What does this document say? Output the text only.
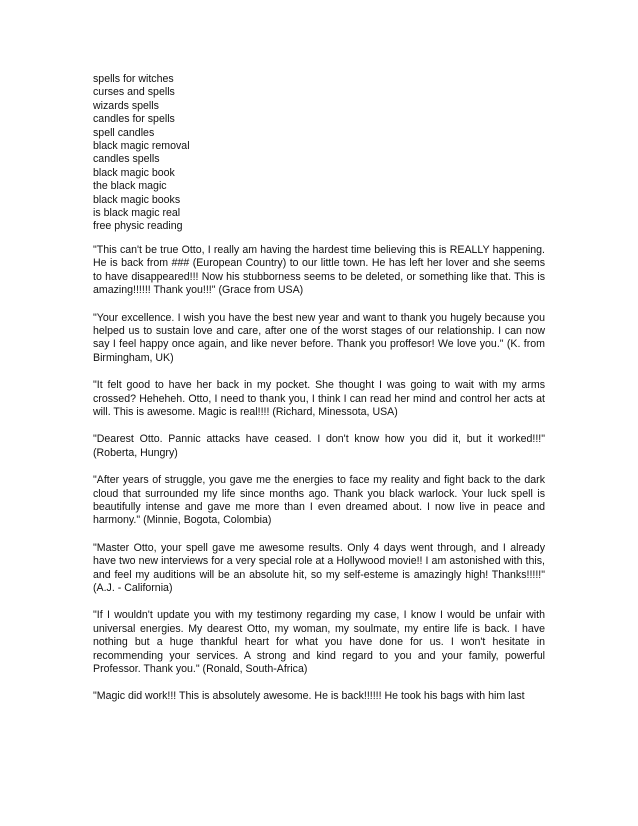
spells for witches
curses and spells
wizards spells
candles for spells
spell candles
black magic removal
candles spells
black magic book
the black magic
black magic books
is black magic real
free physic reading

"This can't be true Otto, I really am having the hardest time believing this is REALLY happening. He is back from ### (European Country) to our little town. He has left her lover and she seems to have disappeared!!! Now his stubborness seems to be deleted, or something like that. This is amazing!!!!!! Thank you!!!" (Grace from USA)

"Your excellence. I wish you have the best new year and want to thank you hugely because you helped us to sustain love and care, after one of the worst stages of our relationship. I can now say I feel happy once again, and like never before. Thank you proffesor! We love you." (K. from Birmingham, UK)

"It felt good to have her back in my pocket. She thought I was going to wait with my arms crossed? Heheheh. Otto, I need to thank you, I think I can read her mind and control her acts at will. This is awesome. Magic is real!!!! (Richard, Minessota, USA)

"Dearest Otto. Pannic attacks have ceased. I don't know how you did it, but it worked!!!" (Roberta, Hungry)

"After years of struggle, you gave me the energies to face my reality and fight back to the dark cloud that surrounded my life since months ago. Thank you black warlock. Your luck spell is beautifully intense and gave me more than I even dreamed about. I now live in peace and harmony." (Minnie, Bogota, Colombia)

"Master Otto, your spell gave me awesome results. Only 4 days went through, and I already have two new interviews for a very special role at a Hollywood movie!! I am astonished with this, and feel my auditions will be an absolute hit, so my self-esteme is amazingly high! Thanks!!!!!" (A.J. - California)

"If I wouldn't update you with my testimony regarding my case, I know I would be unfair with universal energies. My dearest Otto, my woman, my soulmate, my entire life is back. I have nothing but a huge thankful heart for what you have done for us. I won't hesitate in recommending your services. A strong and kind regard to you and your family, powerful Professor. Thank you." (Ronald, South-Africa)

"Magic did work!!! This is absolutely awesome. He is back!!!!!! He took his bags with him last
